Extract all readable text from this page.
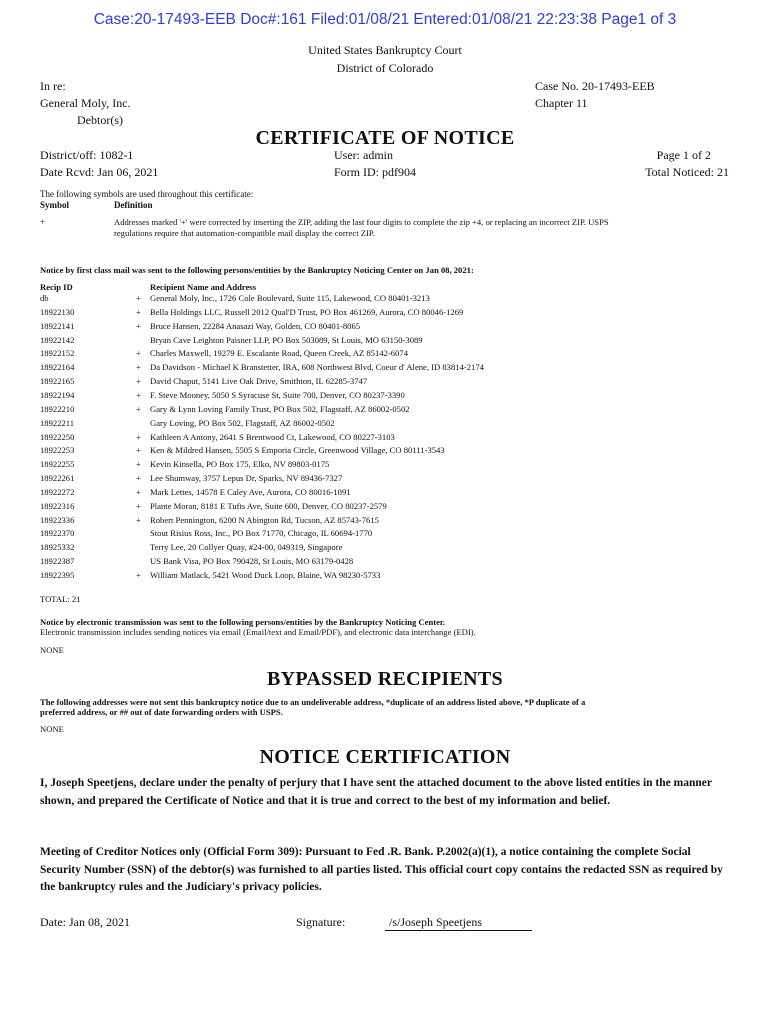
Case:20-17493-EEB Doc#:161 Filed:01/08/21 Entered:01/08/21 22:23:38 Page1 of 3
United States Bankruptcy Court
District of Colorado
In re:
General Moly, Inc.
Debtor(s)
Case No. 20-17493-EEB
Chapter 11
CERTIFICATE OF NOTICE
District/off: 1082-1
Date Rcvd: Jan 06, 2021
User: admin
Form ID: pdf904
Page 1 of 2
Total Noticed: 21
The following symbols are used throughout this certificate:
Symbol	Definition
+	Addresses marked '+' were corrected by inserting the ZIP, adding the last four digits to complete the zip +4, or replacing an incorrect ZIP. USPS
regulations require that automation-compatible mail display the correct ZIP.
Notice by first class mail was sent to the following persons/entities by the Bankruptcy Noticing Center on Jan 08, 2021:
Recip ID	Recipient Name and Address
db	+ General Moly, Inc., 1726 Cole Boulevard, Suite 115, Lakewood, CO 80401-3213
18922130	+ Bella Holdings LLC, Russell 2012 Qual'D Trust, PO Box 461269, Aurora, CO 80046-1269
18922141	+ Bruce Hansen, 22284 Anasazi Way, Golden, CO 80401-8065
18922142	Bryan Cave Leighton Paisner LLP, PO Box 503089, St Louis, MO 63150-3089
18922152	+ Charles Maxwell, 19279 E. Escalante Road, Queen Creek, AZ 85142-6074
18922164	+ Da Davidson - Michael K Branstetter, IRA, 608 Northwest Blvd, Coeur d' Alene, ID 83814-2174
18922165	+ David Chaput, 5141 Live Oak Drive, Smithton, IL 62285-3747
18922194	+ F. Steve Mooney, 5050 S Syracuse St, Suite 700, Denver, CO 80237-3390
18922210	+ Gary & Lynn Loving Family Trust, PO Box 502, Flagstaff, AZ 86002-0502
18922211	Gary Loving, PO Box 502, Flagstaff, AZ 86002-0502
18922250	+ Kathleen A Antony, 2641 S Brentwood Ct, Lakewood, CO 80227-3103
18922253	+ Ken & Mildred Hansen, 5505 S Emporia Circle, Greenwood Village, CO 80111-3543
18922255	+ Kevin Kinsella, PO Box 175, Elko, NV 89803-0175
18922261	+ Lee Shumway, 3757 Lepus Dr, Sparks, NV 89436-7327
18922272	+ Mark Lettes, 14578 E Caley Ave, Aurora, CO 80016-1091
18922316	+ Plante Moran, 8181 E Tufts Ave, Suite 600, Denver, CO 80237-2579
18922336	+ Robert Pennington, 6200 N Abington Rd, Tucson, AZ 85743-7615
18922370	Stout Risius Ross, Inc., PO Box 71770, Chicago, IL 60694-1770
18925332	Terry Lee, 20 Collyer Quay, #24-00, 049319, Singapore
18922387	US Bank Visa, PO Box 790428, St Louis, MO 63179-0428
18922395	+ William Matlack, 5421 Wood Duck Loop, Blaine, WA 98230-5733
TOTAL: 21
Notice by electronic transmission was sent to the following persons/entities by the Bankruptcy Noticing Center.
Electronic transmission includes sending notices via email (Email/text and Email/PDF), and electronic data interchange (EDI).
NONE
BYPASSED RECIPIENTS
The following addresses were not sent this bankruptcy notice due to an undeliverable address, *duplicate of an address listed above, *P duplicate of a
preferred address, or ## out of date forwarding orders with USPS.
NONE
NOTICE CERTIFICATION
I, Joseph Speetjens, declare under the penalty of perjury that I have sent the attached document to the above listed entities in the manner shown, and prepared the Certificate of Notice and that it is true and correct to the best of my information and belief.
Meeting of Creditor Notices only (Official Form 309): Pursuant to Fed .R. Bank. P.2002(a)(1), a notice containing the complete Social Security Number (SSN) of the debtor(s) was furnished to all parties listed. This official court copy contains the redacted SSN as required by the bankruptcy rules and the Judiciary's privacy policies.
Date: Jan 08, 2021	Signature:	/s/Joseph Speetjens
